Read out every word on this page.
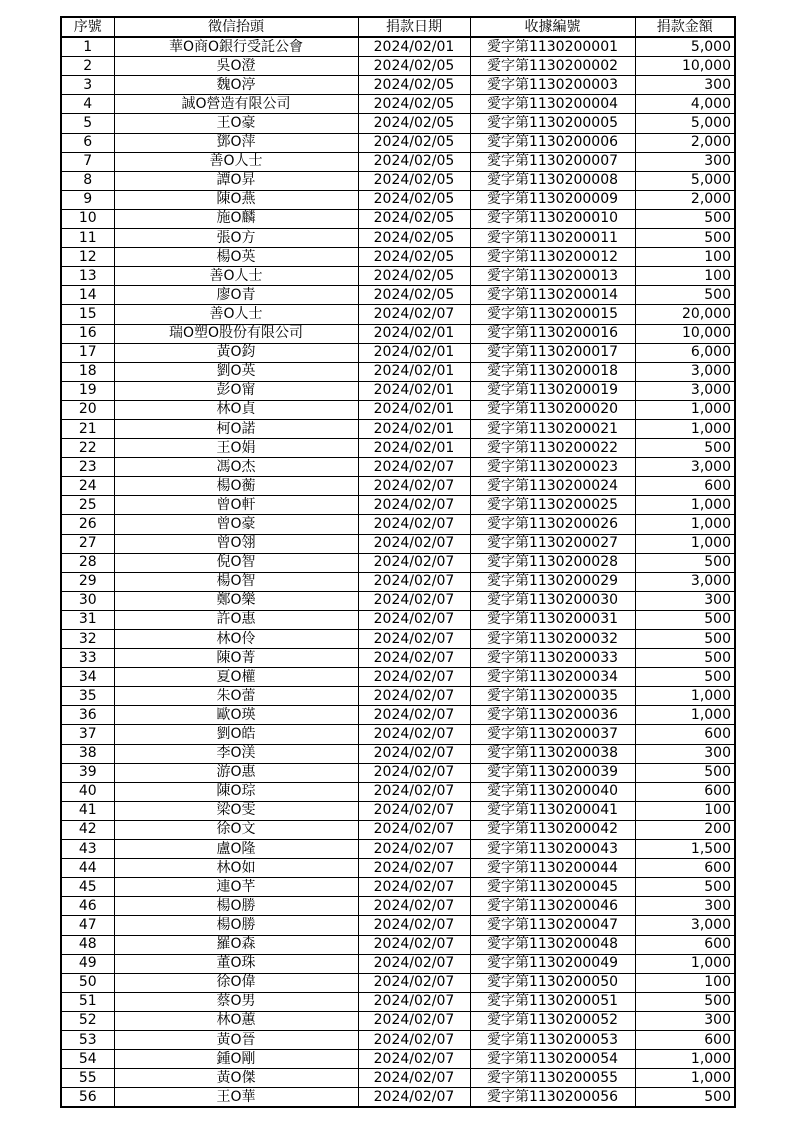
序號	徵信抬頭	捐款日期	收據編號	捐款金額
1	華O商O銀行受託公會	2024/02/01	愛字第1130200001	5,000
2	吳O澄	2024/02/05	愛字第1130200002	10,000
3	魏O渟	2024/02/05	愛字第1130200003	300
4	誠O營造有限公司	2024/02/05	愛字第1130200004	4,000
5	王O豪	2024/02/05	愛字第1130200005	5,000
6	鄧O萍	2024/02/05	愛字第1130200006	2,000
7	善O人士	2024/02/05	愛字第1130200007	300
8	譚O昇	2024/02/05	愛字第1130200008	5,000
9	陳O燕	2024/02/05	愛字第1130200009	2,000
10	施O麟	2024/02/05	愛字第1130200010	500
11	張O方	2024/02/05	愛字第1130200011	500
12	楊O英	2024/02/05	愛字第1130200012	100
13	善O人士	2024/02/05	愛字第1130200013	100
14	廖O青	2024/02/05	愛字第1130200014	500
15	善O人士	2024/02/07	愛字第1130200015	20,000
16	瑞O塑O股份有限公司	2024/02/01	愛字第1130200016	10,000
17	黃O鈞	2024/02/01	愛字第1130200017	6,000
18	劉O英	2024/02/01	愛字第1130200018	3,000
19	彭O甯	2024/02/01	愛字第1130200019	3,000
20	林O貞	2024/02/01	愛字第1130200020	1,000
21	柯O諾	2024/02/01	愛字第1130200021	1,000
22	王O娟	2024/02/01	愛字第1130200022	500
23	馮O杰	2024/02/07	愛字第1130200023	3,000
24	楊O蘅	2024/02/07	愛字第1130200024	600
25	曾O軒	2024/02/07	愛字第1130200025	1,000
26	曾O豪	2024/02/07	愛字第1130200026	1,000
27	曾O翎	2024/02/07	愛字第1130200027	1,000
28	倪O智	2024/02/07	愛字第1130200028	500
29	楊O智	2024/02/07	愛字第1130200029	3,000
30	鄭O樂	2024/02/07	愛字第1130200030	300
31	許O惠	2024/02/07	愛字第1130200031	500
32	林O伶	2024/02/07	愛字第1130200032	500
33	陳O菁	2024/02/07	愛字第1130200033	500
34	夏O權	2024/02/07	愛字第1130200034	500
35	朱O蕾	2024/02/07	愛字第1130200035	1,000
36	歐O瑛	2024/02/07	愛字第1130200036	1,000
37	劉O皓	2024/02/07	愛字第1130200037	600
38	李O渼	2024/02/07	愛字第1130200038	300
39	游O惠	2024/02/07	愛字第1130200039	500
40	陳O琮	2024/02/07	愛字第1130200040	600
41	梁O雯	2024/02/07	愛字第1130200041	100
42	徐O文	2024/02/07	愛字第1130200042	200
43	盧O隆	2024/02/07	愛字第1130200043	1,500
44	林O如	2024/02/07	愛字第1130200044	600
45	連O芊	2024/02/07	愛字第1130200045	500
46	楊O勝	2024/02/07	愛字第1130200046	300
47	楊O勝	2024/02/07	愛字第1130200047	3,000
48	羅O森	2024/02/07	愛字第1130200048	600
49	董O珠	2024/02/07	愛字第1130200049	1,000
50	徐O偉	2024/02/07	愛字第1130200050	100
51	蔡O男	2024/02/07	愛字第1130200051	500
52	林O蕙	2024/02/07	愛字第1130200052	300
53	黃O晉	2024/02/07	愛字第1130200053	600
54	鍾O剛	2024/02/07	愛字第1130200054	1,000
55	黃O傑	2024/02/07	愛字第1130200055	1,000
56	王O華	2024/02/07	愛字第1130200056	500
